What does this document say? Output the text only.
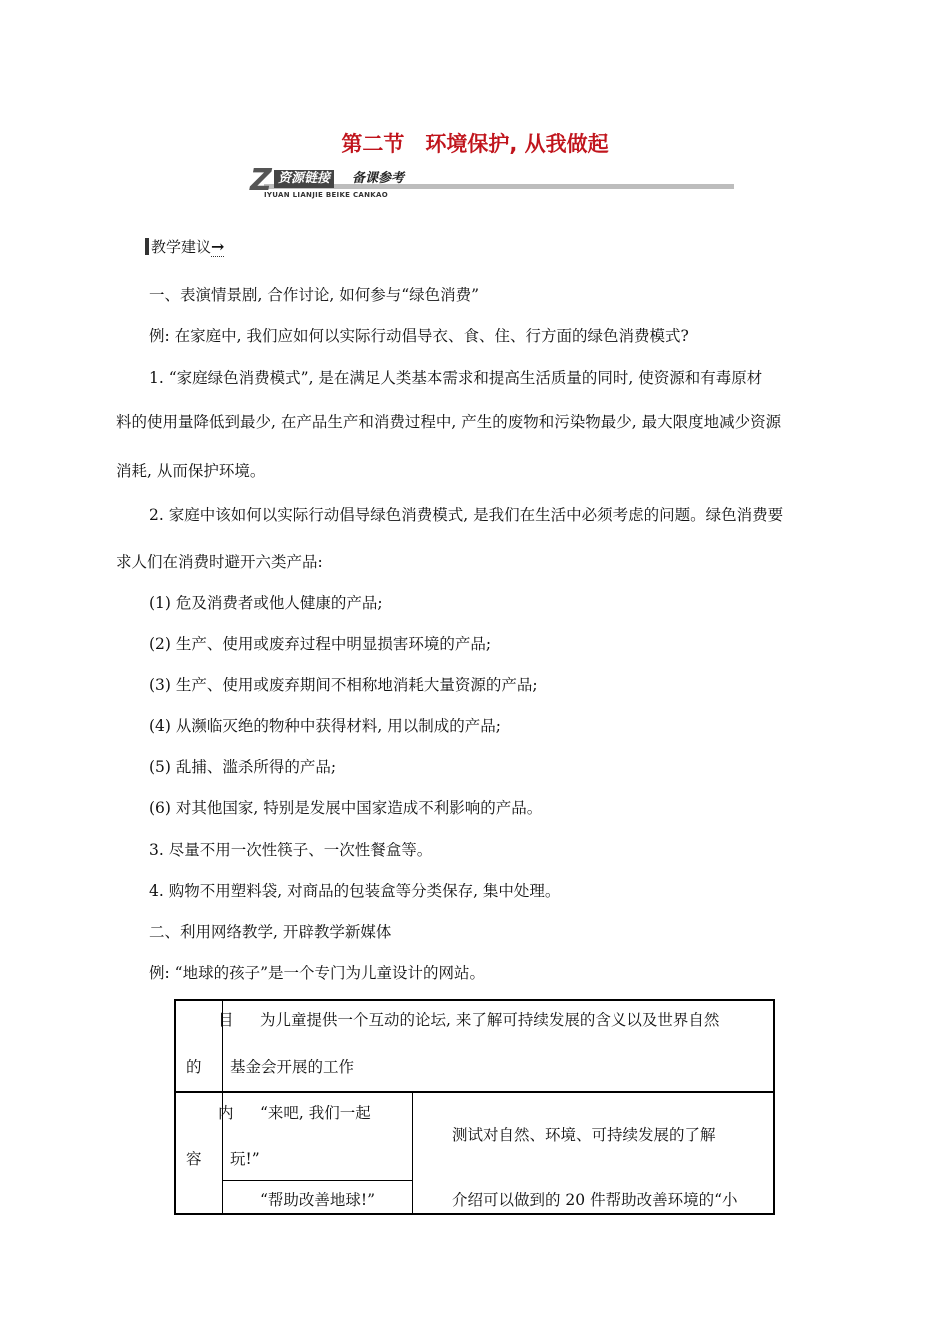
第二节　环境保护, 从我做起
Z 资源链接	备课参考
IYUAN LIANJIE BEIKE CANKAO
教学建议→
一、表演情景剧, 合作讨论, 如何参与“绿色消费”
例: 在家庭中, 我们应如何以实际行动倡导衣、食、住、行方面的绿色消费模式?
1. “家庭绿色消费模式”, 是在满足人类基本需求和提高生活质量的同时, 使资源和有毒原材
料的使用量降低到最少, 在产品生产和消费过程中, 产生的废物和污染物最少, 最大限度地减少资源
消耗, 从而保护环境。
2. 家庭中该如何以实际行动倡导绿色消费模式, 是我们在生活中必须考虑的问题。绿色消费要
求人们在消费时避开六类产品:
(1) 危及消费者或他人健康的产品;
(2) 生产、使用或废弃过程中明显损害环境的产品;
(3) 生产、使用或废弃期间不相称地消耗大量资源的产品;
(4) 从濒临灭绝的物种中获得材料, 用以制成的产品;
(5) 乱捕、滥杀所得的产品;
(6) 对其他国家, 特别是发展中国家造成不利影响的产品。
3. 尽量不用一次性筷子、一次性餐盒等。
4. 购物不用塑料袋, 对商品的包装盒等分类保存, 集中处理。
二、利用网络教学, 开辟教学新媒体
例: “地球的孩子”是一个专门为儿童设计的网站。
目
的
为儿童提供一个互动的论坛, 来了解可持续发展的含义以及世界自然
基金会开展的工作
内
容
“来吧, 我们一起
玩!”
测试对自然、环境、可持续发展的了解
“帮助改善地球!”	介绍可以做到的 20 件帮助改善环境的“小
